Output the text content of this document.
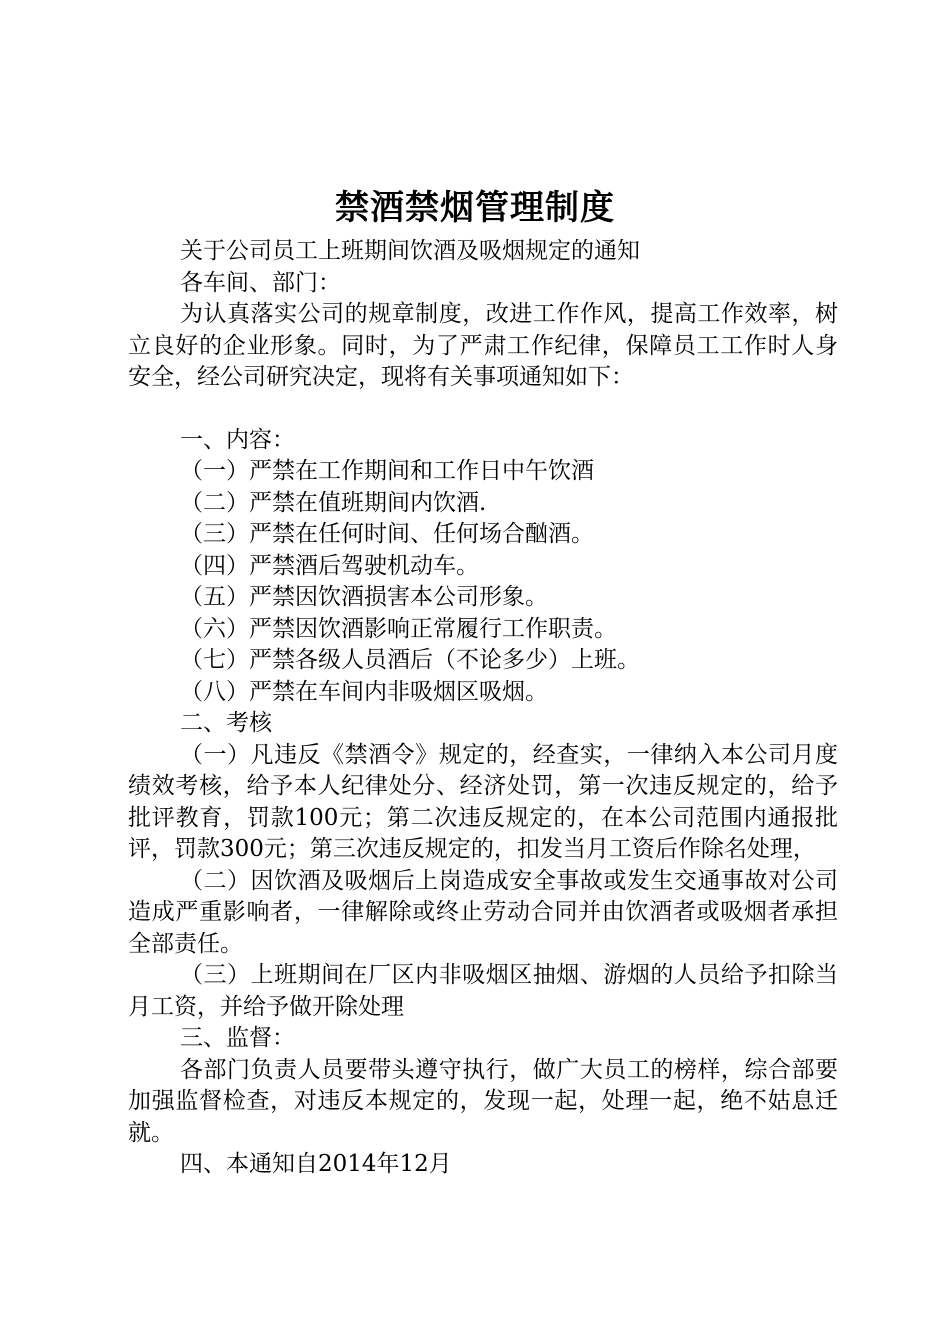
禁酒禁烟管理制度
关于公司员工上班期间饮酒及吸烟规定的通知
各车间、部门：
为认真落实公司的规章制度，改进工作作风，提高工作效率，树立良好的企业形象。同时，为了严肃工作纪律，保障员工工作时人身安全，经公司研究决定，现将有关事项通知如下：
一、内容：
（一）严禁在工作期间和工作日中午饮酒
（二）严禁在值班期间内饮酒.
（三）严禁在任何时间、任何场合酗酒。
（四）严禁酒后驾驶机动车。
（五）严禁因饮酒损害本公司形象。
（六）严禁因饮酒影响正常履行工作职责。
（七）严禁各级人员酒后（不论多少）上班。
（八）严禁在车间内非吸烟区吸烟。
二、考核
（一）凡违反《禁酒令》规定的，经查实，一律纳入本公司月度绩效考核，给予本人纪律处分、经济处罚，第一次违反规定的，给予批评教育，罚款100元；第二次违反规定的，在本公司范围内通报批评，罚款300元；第三次违反规定的，扣发当月工资后作除名处理，
（二）因饮酒及吸烟后上岗造成安全事故或发生交通事故对公司造成严重影响者，一律解除或终止劳动合同并由饮酒者或吸烟者承担全部责任。
（三）上班期间在厂区内非吸烟区抽烟、游烟的人员给予扣除当月工资，并给予做开除处理
三、监督：
各部门负责人员要带头遵守执行，做广大员工的榜样，综合部要加强监督检查，对违反本规定的，发现一起，处理一起，绝不姑息迁就。
四、本通知自2014年12月
